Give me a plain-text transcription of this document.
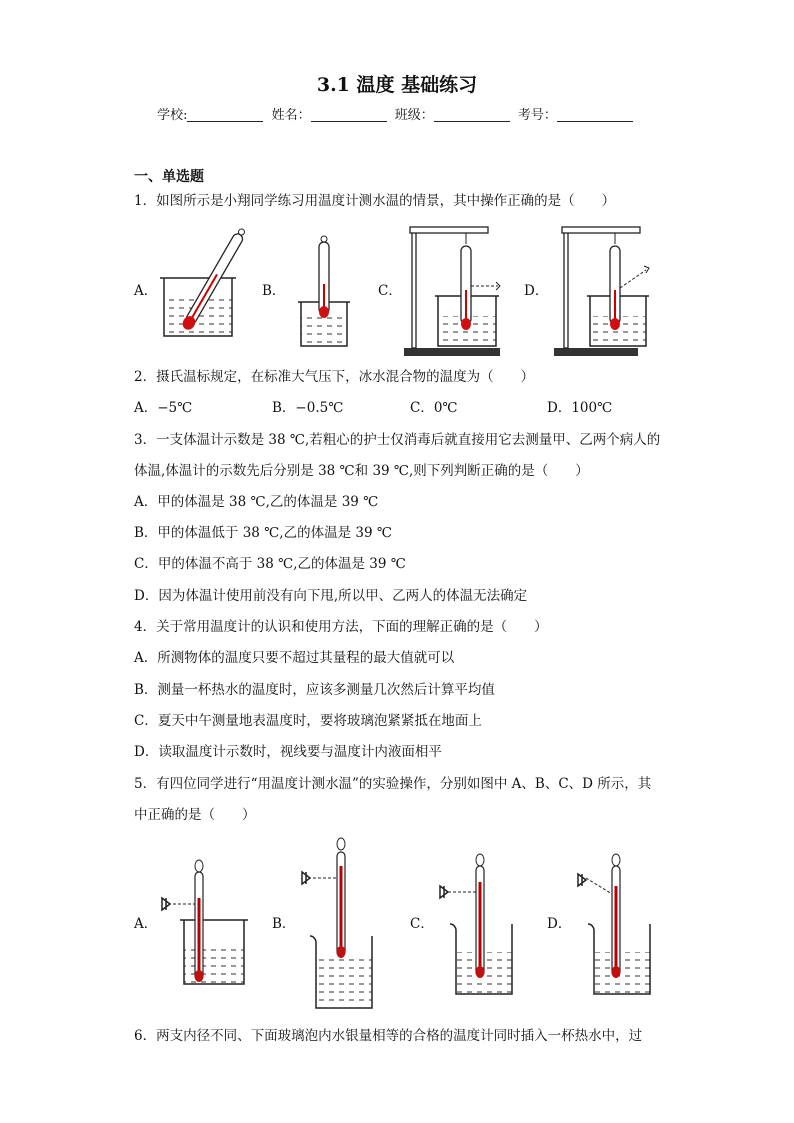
3.1 温度 基础练习
学校:	姓名：	班级：	考号：
一、单选题
1．如图所示是小翔同学练习用温度计测水温的情景，其中操作正确的是（　　）
A．	B．	C．	D．
2．摄氏温标规定，在标准大气压下，冰水混合物的温度为（　　）
A．−5℃	B．−0.5℃	C．0℃	D．100℃
3．一支体温计示数是 38 ℃,若粗心的护士仅消毒后就直接用它去测量甲、乙两个病人的
体温,体温计的示数先后分别是 38 ℃和 39 ℃,则下列判断正确的是（　　）
A．甲的体温是 38 ℃,乙的体温是 39 ℃
B．甲的体温低于 38 ℃,乙的体温是 39 ℃
C．甲的体温不高于 38 ℃,乙的体温是 39 ℃
D．因为体温计使用前没有向下甩,所以甲、乙两人的体温无法确定
4．关于常用温度计的认识和使用方法，下面的理解正确的是（　　）
A．所测物体的温度只要不超过其量程的最大值就可以
B．测量一杯热水的温度时，应该多测量几次然后计算平均值
C．夏天中午测量地表温度时，要将玻璃泡紧紧抵在地面上
D．读取温度计示数时，视线要与温度计内液面相平
5．有四位同学进行“用温度计测水温”的实验操作，分别如图中 A、B、C、D 所示，其
中正确的是（　　）
A．	B．	C．	D．
6．两支内径不同、下面玻璃泡内水银量相等的合格的温度计同时插入一杯热水中，过
